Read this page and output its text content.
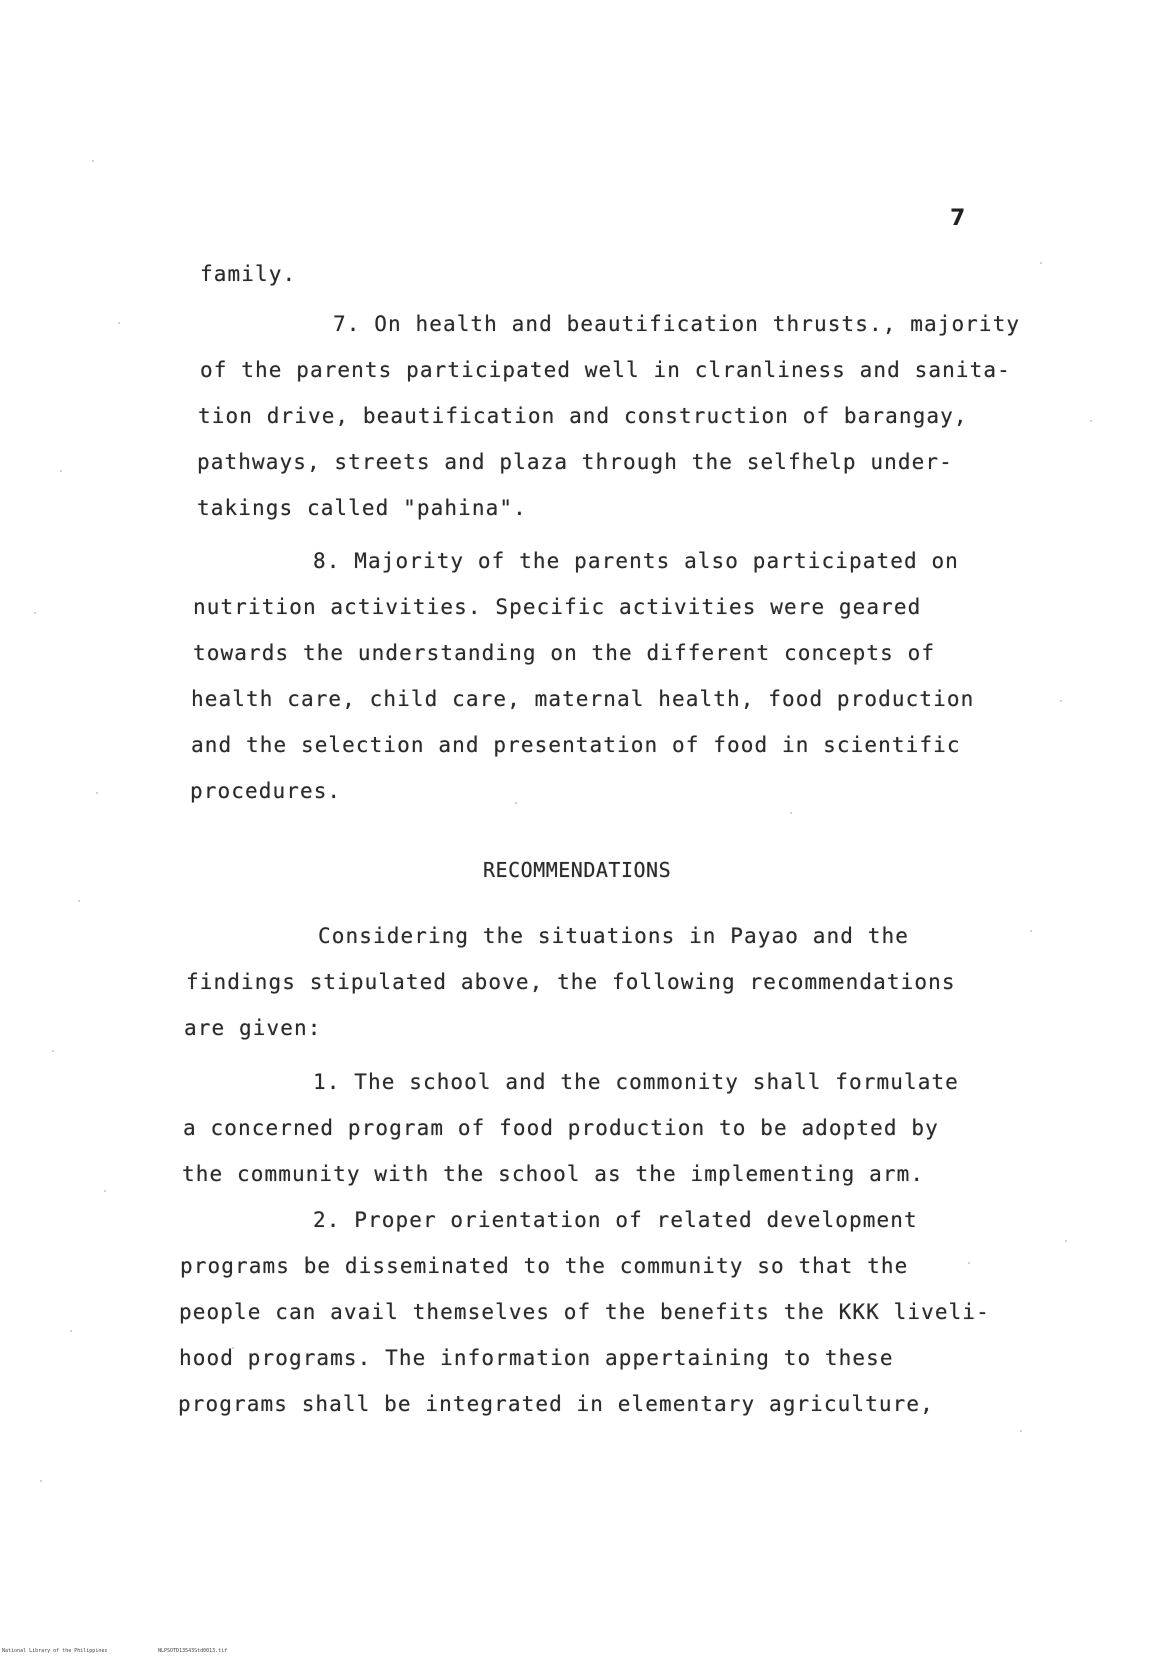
7
family.
7. On health and beautification thrusts., majority
of the parents participated well in clranliness and sanita-
tion drive, beautification and construction of barangay,
pathways, streets and plaza through the selfhelp under-
takings called "pahina".
8. Majority of the parents also participated on
nutrition activities. Specific activities were geared
towards the understanding on the different concepts of
health care, child care, maternal health, food production
and the selection and presentation of food in scientific
procedures.
RECOMMENDATIONS
Considering the situations in Payao and the
findings stipulated above, the following recommendations
are given:
1. The school and the commonity shall formulate
a concerned program of food production to be adopted by
the community with the school as the implementing arm.
2. Proper orientation of related development
programs be disseminated to the community so that the
people can avail themselves of the benefits the KKK liveli-
hood programs. The information appertaining to these
programs shall be integrated in elementary agriculture,
National Library of the Philippines	NLPSOTD13543Std0013.tif
